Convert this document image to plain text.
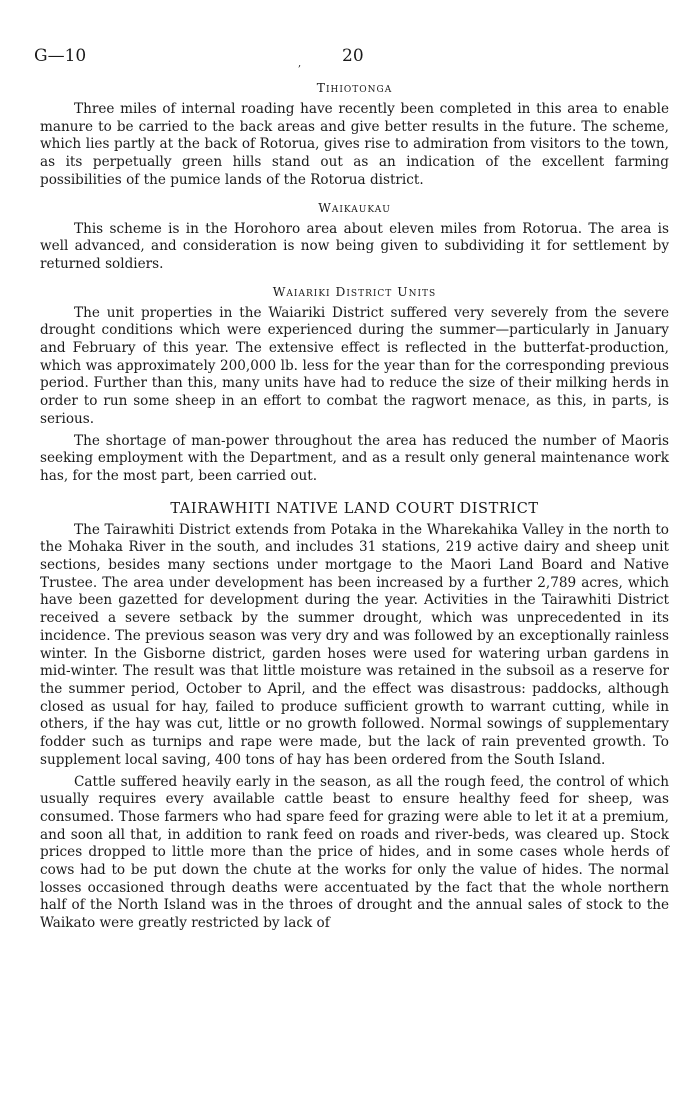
G—10	, 20
Tihiotonga

Three miles of internal roading have recently been completed in this area to enable manure to be carried to the back areas and give better results in the future. The scheme, which lies partly at the back of Rotorua, gives rise to admiration from visitors to the town, as its perpetually green hills stand out as an indication of the excellent farming possibilities of the pumice lands of the Rotorua district.

Waikaukau

This scheme is in the Horohoro area about eleven miles from Rotorua. The area is well advanced, and consideration is now being given to subdividing it for settlement by returned soldiers.

Waiariki District Units

The unit properties in the Waiariki District suffered very severely from the severe drought conditions which were experienced during the summer—particularly in January and February of this year. The extensive effect is reflected in the butterfat-production, which was approximately 200,000 lb. less for the year than for the corresponding previous period. Further than this, many units have had to reduce the size of their milking herds in order to run some sheep in an effort to combat the ragwort menace, as this, in parts, is serious.

The shortage of man-power throughout the area has reduced the number of Maoris seeking employment with the Department, and as a result only general maintenance work has, for the most part, been carried out.

TAIRAWHITI NATIVE LAND COURT DISTRICT

The Tairawhiti District extends from Potaka in the Wharekahika Valley in the north to the Mohaka River in the south, and includes 31 stations, 219 active dairy and sheep unit sections, besides many sections under mortgage to the Maori Land Board and Native Trustee. The area under development has been increased by a further 2,789 acres, which have been gazetted for development during the year. Activities in the Tairawhiti District received a severe setback by the summer drought, which was unprecedented in its incidence. The previous season was very dry and was followed by an exceptionally rainless winter. In the Gisborne district, garden hoses were used for watering urban gardens in mid-winter. The result was that little moisture was retained in the subsoil as a reserve for the summer period, October to April, and the effect was disastrous: paddocks, although closed as usual for hay, failed to produce sufficient growth to warrant cutting, while in others, if the hay was cut, little or no growth followed. Normal sowings of supplementary fodder such as turnips and rape were made, but the lack of rain prevented growth. To supplement local saving, 400 tons of hay has been ordered from the South Island.

Cattle suffered heavily early in the season, as all the rough feed, the control of which usually requires every available cattle beast to ensure healthy feed for sheep, was consumed. Those farmers who had spare feed for grazing were able to let it at a premium, and soon all that, in addition to rank feed on roads and river-beds, was cleared up. Stock prices dropped to little more than the price of hides, and in some cases whole herds of cows had to be put down the chute at the works for only the value of hides. The normal losses occasioned through deaths were accentuated by the fact that the whole northern half of the North Island was in the throes of drought and the annual sales of stock to the Waikato were greatly restricted by lack of
